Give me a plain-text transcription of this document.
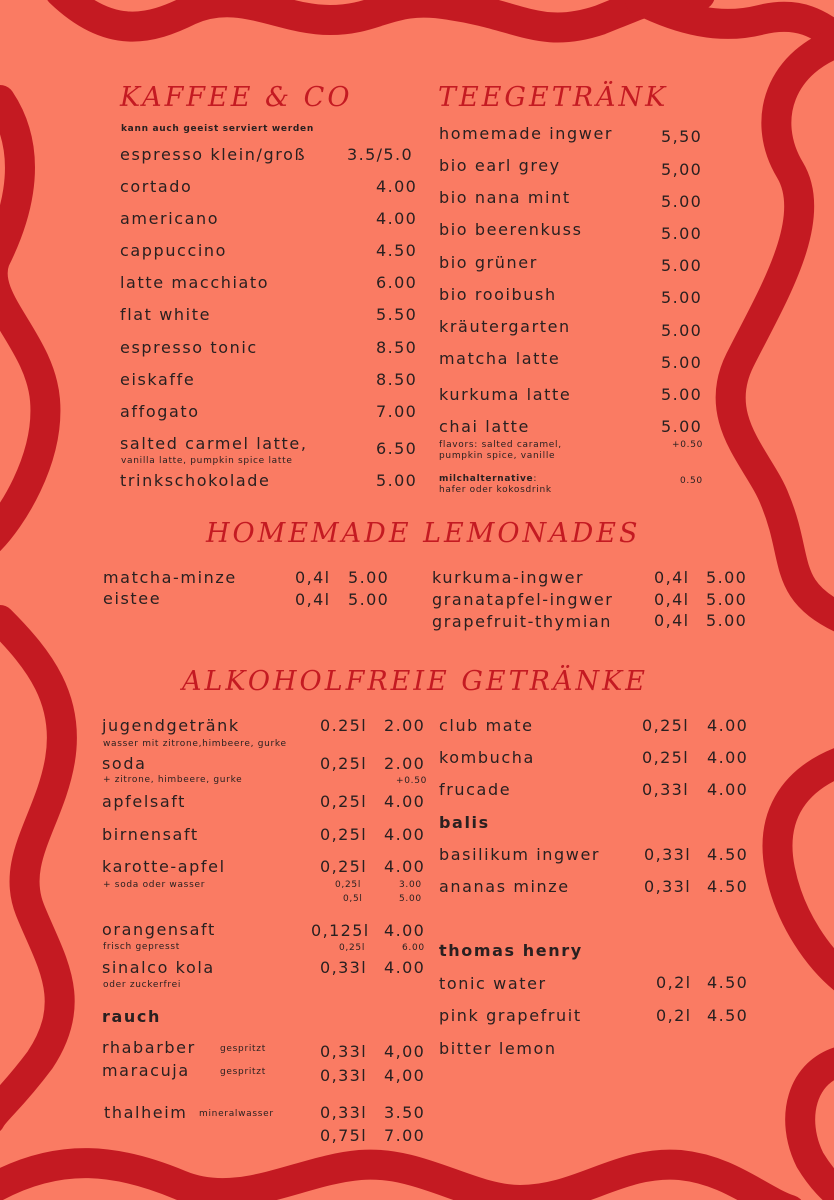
KAFFEE & CO
kann auch geeist serviert werden
espresso klein/groß	3.5/5.0
cortado	4.00
americano	4.00
cappuccino	4.50
latte macchiato	6.00
flat white	5.50
espresso tonic	8.50
eiskaffe	8.50
affogato	7.00
salted carmel latte,	6.50
vanilla latte, pumpkin spice latte
trinkschokolade	5.00
TEEGETRÄNK
homemade ingwer	5,50
bio earl grey	5,00
bio nana mint	5.00
bio beerenkuss	5.00
bio grüner	5.00
bio rooibush	5.00
kräutergarten	5.00
matcha latte	5.00
kurkuma latte	5.00
chai latte	5.00
flavors: salted caramel,
pumpkin spice, vanille
+0.50
milchalternative:
hafer oder kokosdrink
0.50
HOMEMADE LEMONADES
matcha-minze	0,4l 5.00
eistee	0,4l 5.00
kurkuma-ingwer	0,4l 5.00
granatapfel-ingwer	0,4l 5.00
grapefruit-thymian	0,4l 5.00
ALKOHOLFREIE GETRÄNKE
jugendgetränk	0.25l 2.00
wasser mit zitrone,himbeere, gurke
soda	0,25l 2.00
+ zitrone, himbeere, gurke	+0.50
apfelsaft	0,25l 4.00
birnensaft	0,25l 4.00
karotte-apfel	0,25l 4.00
+ soda oder wasser	0,25l	3.00
0,5l	5.00
orangensaft	0,125l 4.00
frisch gepresst	0,25l	6.00
sinalco kola	0,33l 4.00
oder zuckerfrei
rauch
rhabarber	gespritzt	0,33l 4,00
maracuja	gespritzt	0,33l 4,00
thalheim mineralwasser	0,33l 3.50
0,75l 7.00
club mate	0,25l 4.00
kombucha	0,25l 4.00
frucade	0,33l 4.00
balis
basilikum ingwer	0,33l 4.50
ananas minze	0,33l 4.50
thomas henry
tonic water	0,2l 4.50
pink grapefruit	0,2l 4.50
bitter lemon
